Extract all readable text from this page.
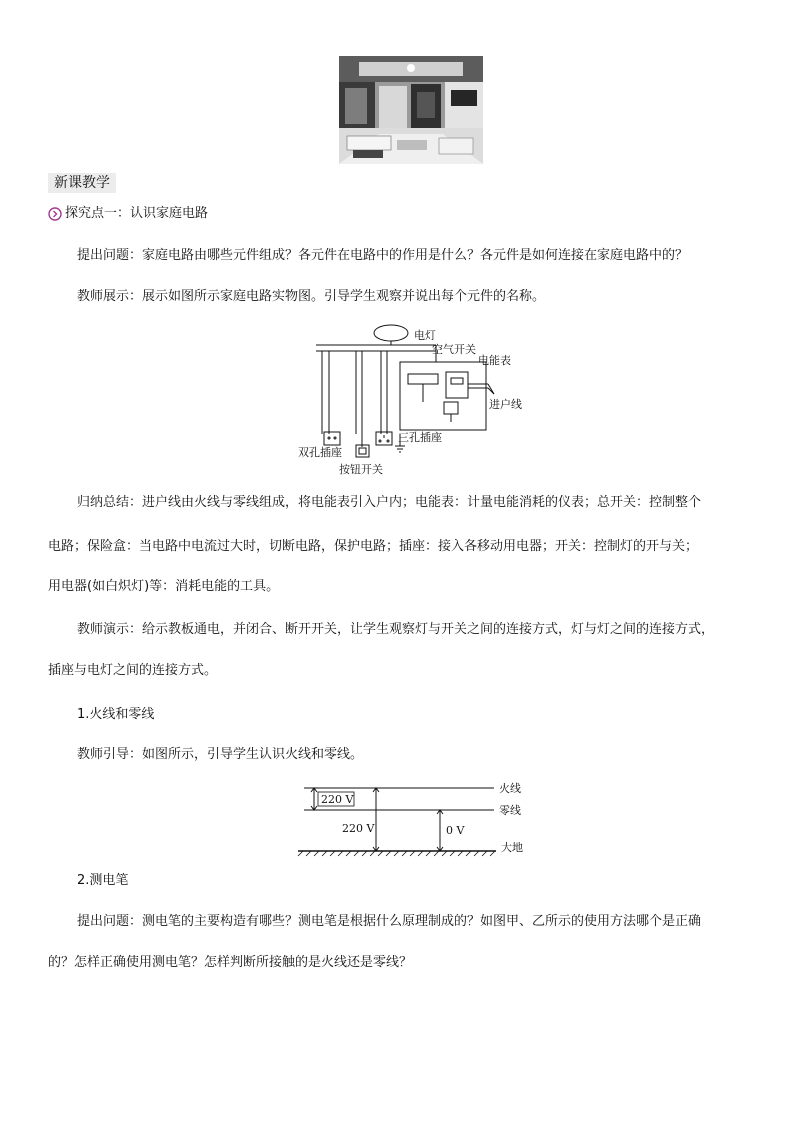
新课教学
探究点一：认识家庭电路
提出问题：家庭电路由哪些元件组成？各元件在电路中的作用是什么？各元件是如何连接在家庭电路中的？
教师展示：展示如图所示家庭电路实物图。引导学生观察并说出每个元件的名称。
电灯
空气开关
电能表
进户线
三孔插座
双孔插座
按钮开关
归纳总结：进户线由火线与零线组成，将电能表引入户内；电能表：计量电能消耗的仪表；总开关：控制整个
电路；保险盒：当电路中电流过大时，切断电路，保护电路；插座：接入各移动用电器；开关：控制灯的开与关；
用电器(如白炽灯)等：消耗电能的工具。
教师演示：给示教板通电，并闭合、断开开关，让学生观察灯与开关之间的连接方式，灯与灯之间的连接方式，
插座与电灯之间的连接方式。
1.火线和零线
教师引导：如图所示，引导学生认识火线和零线。
220 V
220 V	0 V
火线
零线
大地
2.测电笔
提出问题：测电笔的主要构造有哪些？测电笔是根据什么原理制成的？如图甲、乙所示的使用方法哪个是正确
的？怎样正确使用测电笔？怎样判断所接触的是火线还是零线？
